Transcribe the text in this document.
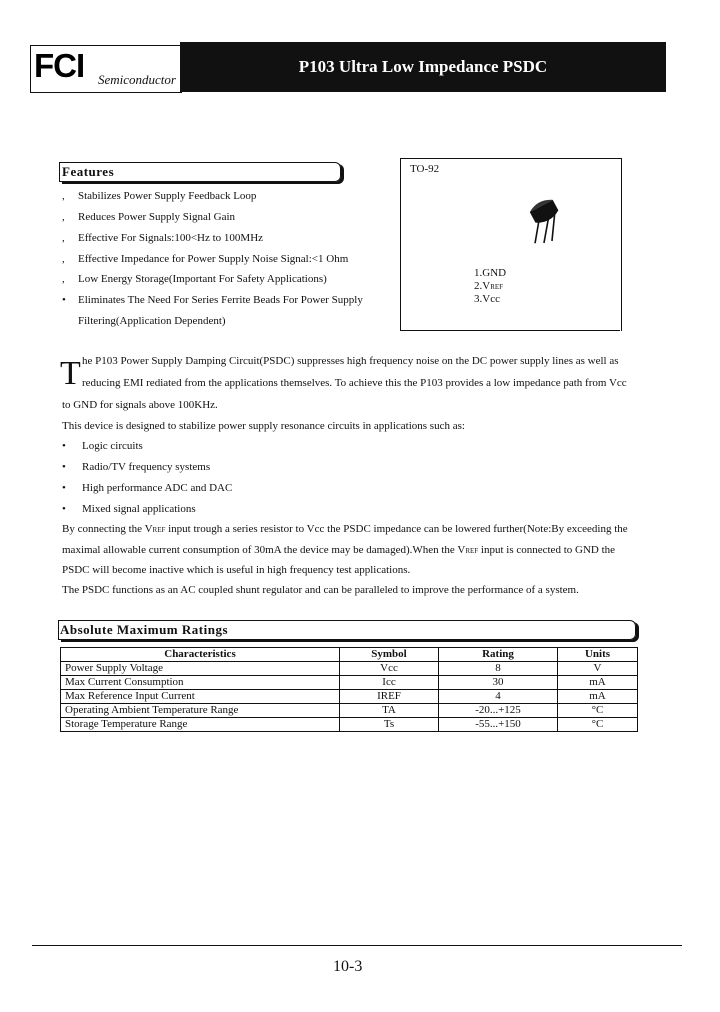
FCI Semiconductor
P103 Ultra Low Impedance PSDC
Features
, Stabilizes Power Supply Feedback Loop
, Reduces Power Supply Signal Gain
, Effective For Signals:100<Hz to 100MHz
, Effective Impedance for Power Supply Noise Signal:<1 Ohm
, Low Energy Storage(Important For Safety Applications)
• Eliminates The Need For Series Ferrite Beads For Power Supply
Filtering(Application Dependent)
TO-92
1.GND
2.VREF
3.Vcc
T he P103 Power Supply Damping Circuit(PSDC) suppresses high frequency noise on the DC power supply lines as well as
reducing EMI rediated from the applications themselves. To achieve this the P103 provides a low impedance path from Vcc
to GND for signals above 100KHz.
This device is designed to stabilize power supply resonance circuits in applications such as:
• Logic circuits
• Radio/TV frequency systems
• High performance ADC and DAC
• Mixed signal applications
By connecting the VREF input trough a series resistor to Vcc the PSDC impedance can be lowered further(Note:By exceeding the
maximal allowable current consumption of 30mA the device may be damaged).When the VREF input is connected to GND the
PSDC will become inactive which is useful in high frequency test applications.
The PSDC functions as an AC coupled shunt regulator and can be paralleled to improve the performance of a system.
Absolute Maximum Ratings
Characteristics	Symbol	Rating	Units
Power Supply Voltage	Vcc	8	V
Max Current Consumption	Icc	30	mA
Max Reference Input Current	IREF	4	mA
Operating Ambient Temperature Range	TA	-20...+125	°C
Storage Temperature Range	Ts	-55...+150	°C
10-3
